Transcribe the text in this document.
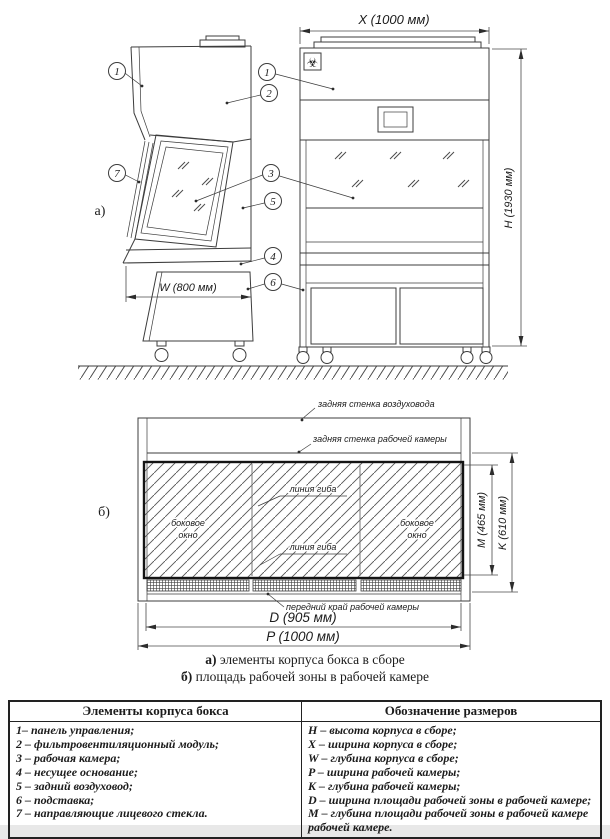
W (800 мм)
а)
X (1000 мм)
☣
H (1930 мм)
1
7
1
2
3
5
4
6
задняя стенка воздуховода
задняя стенка рабочей камеры
линия гиба
линия гиба
боковое
окно
боковое
окно
передний край рабочей камеры
D (905 мм)
P (1000 мм)
M (465 мм) K (610 мм)
б)
а) элементы корпуса бокса в сборе
б) площадь рабочей зоны в рабочей камере
Элементы корпуса бокса	Обозначение размеров

1– панель управления;
2 – фильтровентиляционный модуль;
3 – рабочая камера;
4 – несущее основание;
5 – задний воздуховод;
6 – подставка;
7 – направляющие лицевого стекла.

H – высота корпуса в сборе;
X – ширина корпуса в сборе;
W – глубина корпуса в сборе;
P – ширина рабочей камеры;
K – глубина рабочей камеры;
D – ширина площади рабочей зоны в рабочей камере;
M – глубина площади рабочей зоны в рабочей камере
рабочей камере.
